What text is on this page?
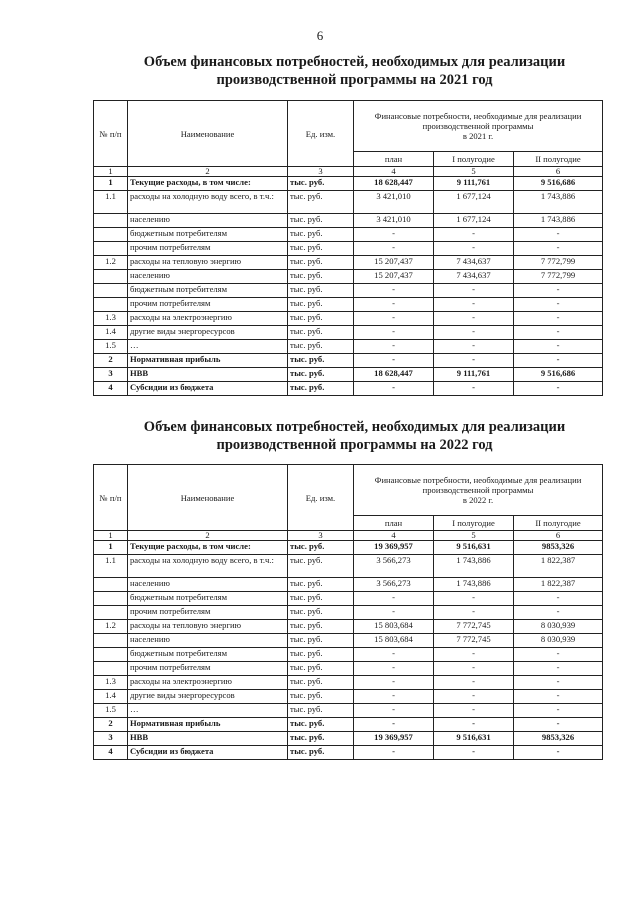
6
Объем финансовых потребностей, необходимых для реализации
производственной программы на 2021 год
№ п/п	Наименование	Ед. изм.	Финансовые потребности, необходимые для реализации
производственной программы
в 2021 г.		

			план	I полугодие	II полугодие
1	2	3	4	5	6
1	Текущие расходы, в том числе:	тыс. руб.	18 628,447	9 111,761	9 516,686
1.1	расходы на холодную воду всего, в т.ч.:	тыс. руб.	3 421,010	1 677,124	1 743,886
	населению	тыс. руб.	3 421,010	1 677,124	1 743,886
	бюджетным потребителям	тыс. руб.	-	-	-
	прочим потребителям	тыс. руб.	-	-	-
1.2	расходы на тепловую энергию	тыс. руб.	15 207,437	7 434,637	7 772,799
	населению	тыс. руб.	15 207,437	7 434,637	7 772,799
	бюджетным потребителям	тыс. руб.	-	-	-
	прочим потребителям	тыс. руб.	-	-	-
1.3	расходы на электроэнергию	тыс. руб.	-	-	-
1.4	другие виды энергоресурсов	тыс. руб.	-	-	-
1.5	…	тыс. руб.	-	-	-
2	Нормативная прибыль	тыс. руб.	-	-	-
3	НВВ	тыс. руб.	18 628,447	9 111,761	9 516,686
4	Субсидии из бюджета	тыс. руб.	-	-	-
Объем финансовых потребностей, необходимых для реализации
производственной программы на 2022 год
№ п/п	Наименование	Ед. изм.	Финансовые потребности, необходимые для реализации
производственной программы
в 2022 г.		

			план	I полугодие	II полугодие
1	2	3	4	5	6
1	Текущие расходы, в том числе:	тыс. руб.	19 369,957	9 516,631	9853,326
1.1	расходы на холодную воду всего, в т.ч.:	тыс. руб.	3 566,273	1 743,886	1 822,387
	населению	тыс. руб.	3 566,273	1 743,886	1 822,387
	бюджетным потребителям	тыс. руб.	-	-	-
	прочим потребителям	тыс. руб.	-	-	-
1.2	расходы на тепловую энергию	тыс. руб.	15 803,684	7 772,745	8 030,939
	населению	тыс. руб.	15 803,684	7 772,745	8 030,939
	бюджетным потребителям	тыс. руб.	-	-	-
	прочим потребителям	тыс. руб.	-	-	-
1.3	расходы на электроэнергию	тыс. руб.	-	-	-
1.4	другие виды энергоресурсов	тыс. руб.	-	-	-
1.5	…	тыс. руб.	-	-	-
2	Нормативная прибыль	тыс. руб.	-	-	-
3	НВВ	тыс. руб.	19 369,957	9 516,631	9853,326
4	Субсидии из бюджета	тыс. руб.	-	-	-
